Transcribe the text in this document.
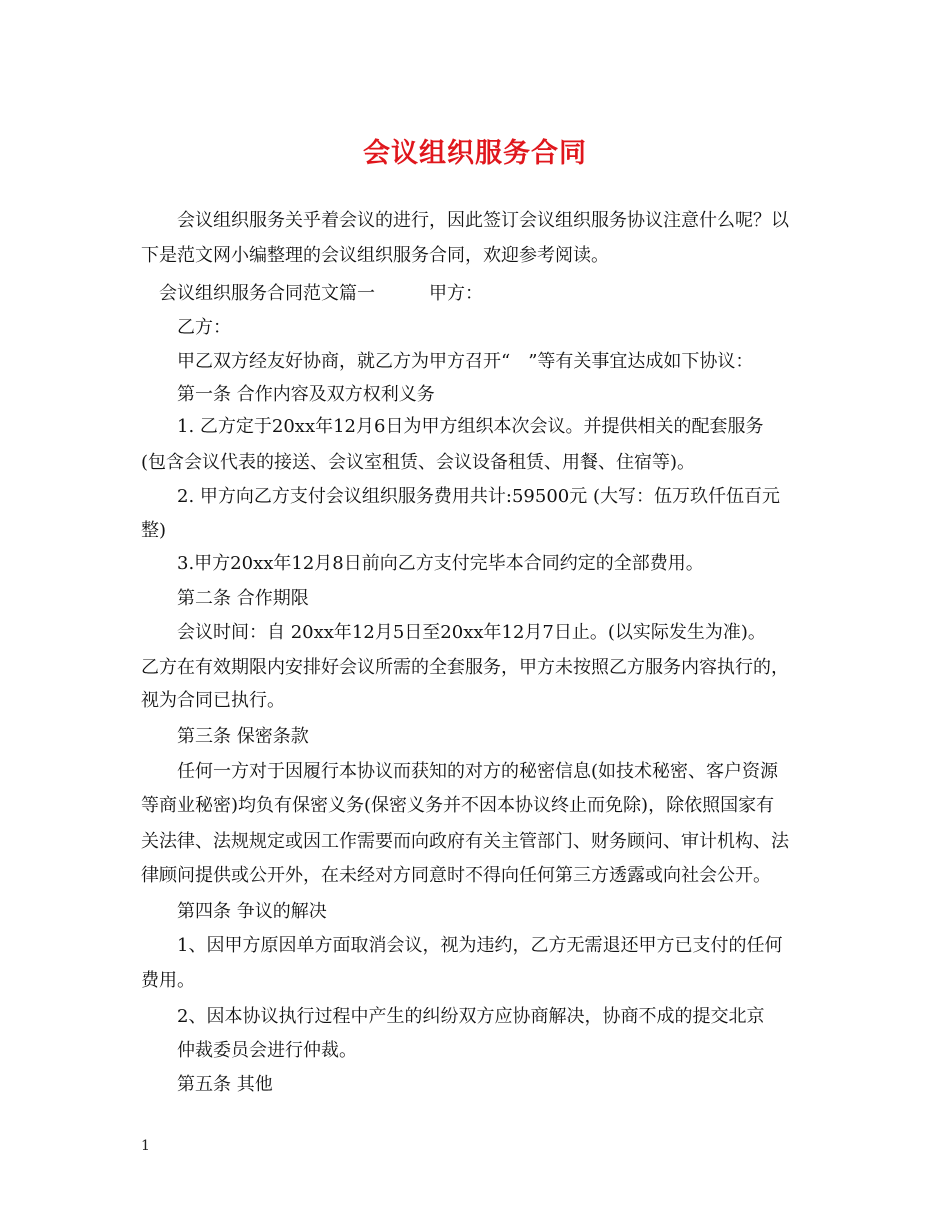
会议组织服务合同
会议组织服务关乎着会议的进行，因此签订会议组织服务协议注意什么呢？以
下是范文网小编整理的会议组织服务合同，欢迎参考阅读。
会议组织服务合同范文篇一　　　甲方：
乙方：
甲乙双方经友好协商，就乙方为甲方召开“　”等有关事宜达成如下协议：
第一条 合作内容及双方权利义务
1. 乙方定于20xx年12月6日为甲方组织本次会议。并提供相关的配套服务
(包含会议代表的接送、会议室租赁、会议设备租赁、用餐、住宿等)。
2. 甲方向乙方支付会议组织服务费用共计:59500元 (大写：伍万玖仟伍百元
整)
3.甲方20xx年12月8日前向乙方支付完毕本合同约定的全部费用。
第二条 合作期限
会议时间：自 20xx年12月5日至20xx年12月7日止。(以实际发生为准)。
乙方在有效期限内安排好会议所需的全套服务，甲方未按照乙方服务内容执行的，
视为合同已执行。
第三条 保密条款
任何一方对于因履行本协议而获知的对方的秘密信息(如技术秘密、客户资源
等商业秘密)均负有保密义务(保密义务并不因本协议终止而免除)，除依照国家有
关法律、法规规定或因工作需要而向政府有关主管部门、财务顾问、审计机构、法
律顾问提供或公开外，在未经对方同意时不得向任何第三方透露或向社会公开。
第四条 争议的解决
1、因甲方原因单方面取消会议，视为违约，乙方无需退还甲方已支付的任何
费用。
2、因本协议执行过程中产生的纠纷双方应协商解决，协商不成的提交北京
仲裁委员会进行仲裁。
第五条 其他
1
